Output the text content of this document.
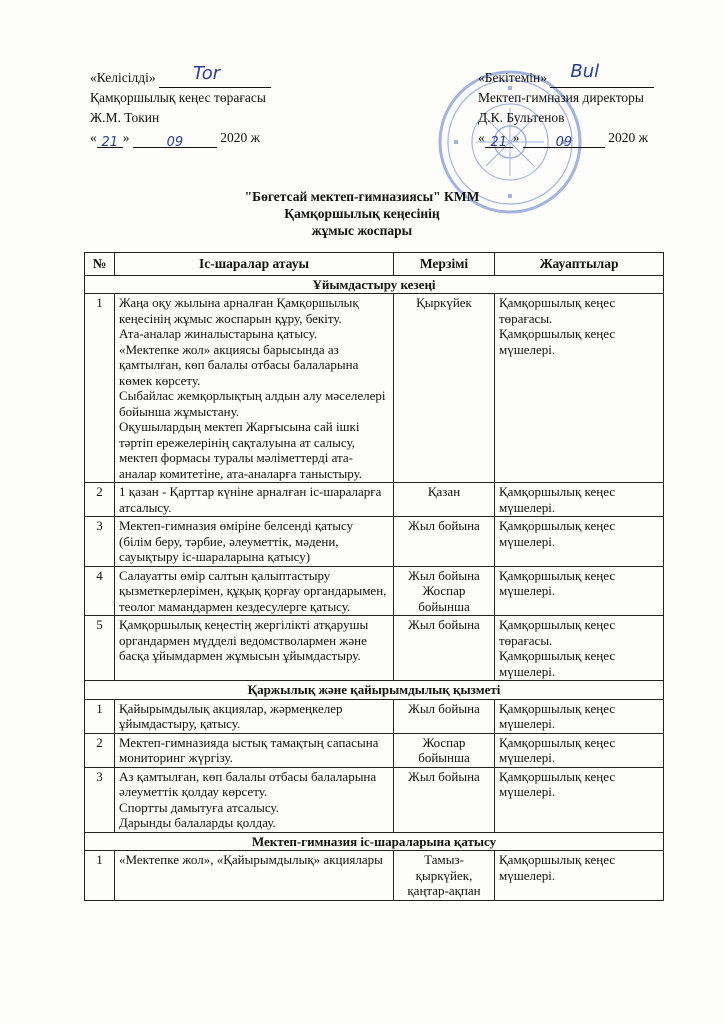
«Келісілді» Tor
Қамқоршылық кеңес төрағасы
Ж.М. Токин
« 21 »	09	2020 ж
«Бекітемін» Bul
Мектеп-гимназия директоры
Д.К. Бультенов
« 21 »	09	2020 ж
"Бөгетсай мектеп-гимназиясы" КММ
Қамқоршылық кеңесінің
жұмыс жоспары
№	Іс-шаралар атауы	Мерзімі	Жауаптылар
Ұйымдастыру кезеңі			
1	Жаңа оқу жылына арналған Қамқоршылық кеңесінің жұмыс жоспарын құру, бекіту.
Ата-аналар жиналыстарына қатысу.
«Мектепке жол» акциясы барысында аз қамтылған, көп балалы отбасы балаларына көмек көрсету.
Сыбайлас жемқорлықтың алдын алу мәселелері бойынша жұмыстану.
Оқушылардың мектеп Жарғысына сай ішкі тәртіп ережелерінің сақталуына ат салысу, мектеп формасы туралы мәліметтерді ата-аналар комитетіне, ата-аналарға таныстыру.	Қыркүйек	Қамқоршылық кеңес төрағасы.
Қамқоршылық кеңес мүшелері.

2	1 қазан - Қарттар күніне арналған іс-шараларға атсалысу.	Қазан	Қамқоршылық кеңес мүшелері.
3	Мектеп-гимназия өміріне белсенді қатысу (білім беру, тәрбие, әлеуметтік, мәдени, сауықтыру іс-шараларына қатысу)	Жыл бойына	Қамқоршылық кеңес мүшелері.
4	Салауатты өмір салтын қалыптастыру қызметкерлерімен, құқық қорғау органдарымен, теолог мамандармен кездесулерге қатысу.	Жыл бойына
Жоспар
бойынша	Қамқоршылық кеңес мүшелері.
5	Қамқоршылық кеңестің жергілікті атқарушы органдармен мүдделі ведомстволармен және басқа ұйымдармен жұмысын ұйымдастыру.	Жыл бойына	Қамқоршылық кеңес төрағасы.
Қамқоршылық кеңес мүшелері.

Қаржылық және қайырымдылық қызметі			
1	Қайырымдылық акциялар, жәрмеңкелер ұйымдастыру, қатысу.	Жыл бойына	Қамқоршылық кеңес мүшелері.
2	Мектеп-гимназияда ыстық тамақтың сапасына мониторинг жүргізу.	Жоспар
бойынша	Қамқоршылық кеңес мүшелері.
3	Аз қамтылған, көп балалы отбасы балаларына әлеуметтік қолдау көрсету.
Спортты дамытуға атсалысу.
Дарынды балаларды қолдау.	Жыл бойына	Қамқоршылық кеңес мүшелері.
Мектеп-гимназия іс-шараларына қатысу			
1	«Мектепке жол», «Қайырымдылық» акциялары	Тамыз-
қыркүйек,
қаңтар-ақпан	Қамқоршылық кеңес мүшелері.
